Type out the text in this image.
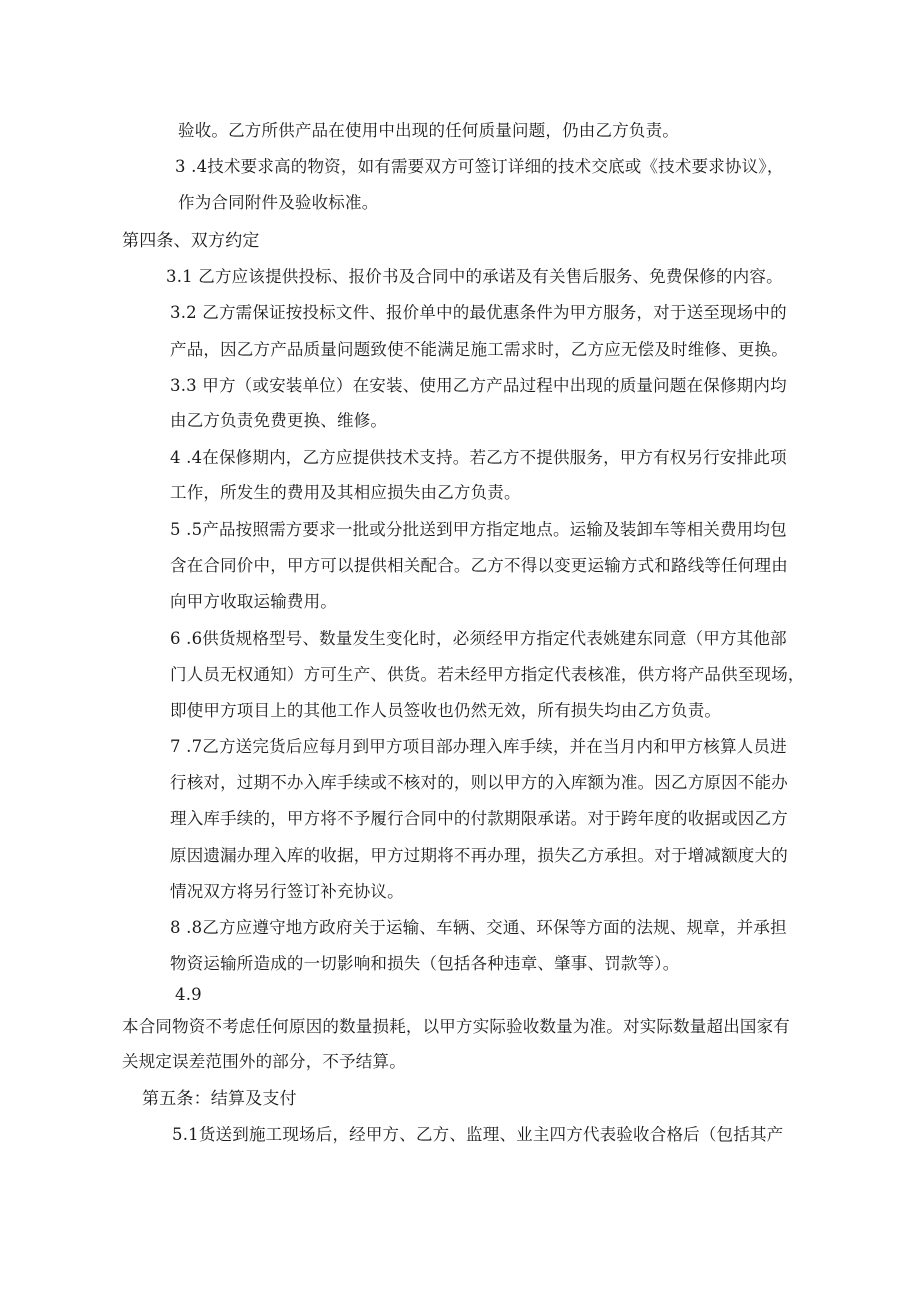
验收。乙方所供产品在使用中出现的任何质量问题，仍由乙方负责。
3 .4技术要求高的物资，如有需要双方可签订详细的技术交底或《技术要求协议》，
作为合同附件及验收标准。
第四条、双方约定
3.1 乙方应该提供投标、报价书及合同中的承诺及有关售后服务、免费保修的内容。
3.2 乙方需保证按投标文件、报价单中的最优惠条件为甲方服务，对于送至现场中的
产品，因乙方产品质量问题致使不能满足施工需求时，乙方应无偿及时维修、更换。
3.3 甲方（或安装单位）在安装、使用乙方产品过程中出现的质量问题在保修期内均
由乙方负责免费更换、维修。
4 .4在保修期内，乙方应提供技术支持。若乙方不提供服务，甲方有权另行安排此项
工作，所发生的费用及其相应损失由乙方负责。
5 .5产品按照需方要求一批或分批送到甲方指定地点。运输及装卸车等相关费用均包
含在合同价中，甲方可以提供相关配合。乙方不得以变更运输方式和路线等任何理由
向甲方收取运输费用。
6 .6供货规格型号、数量发生变化时，必须经甲方指定代表姚建东同意（甲方其他部
门人员无权通知）方可生产、供货。若未经甲方指定代表核准，供方将产品供至现场，
即使甲方项目上的其他工作人员签收也仍然无效，所有损失均由乙方负责。
7 .7乙方送完货后应每月到甲方项目部办理入库手续，并在当月内和甲方核算人员进
行核对，过期不办入库手续或不核对的，则以甲方的入库额为准。因乙方原因不能办
理入库手续的，甲方将不予履行合同中的付款期限承诺。对于跨年度的收据或因乙方
原因遗漏办理入库的收据，甲方过期将不再办理，损失乙方承担。对于增减额度大的
情况双方将另行签订补充协议。
8 .8乙方应遵守地方政府关于运输、车辆、交通、环保等方面的法规、规章，并承担
物资运输所造成的一切影响和损失（包括各种违章、肇事、罚款等）。
4.9
本合同物资不考虑任何原因的数量损耗，以甲方实际验收数量为准。对实际数量超出国家有
关规定误差范围外的部分，不予结算。
第五条：结算及支付
5.1货送到施工现场后，经甲方、乙方、监理、业主四方代表验收合格后（包括其产
